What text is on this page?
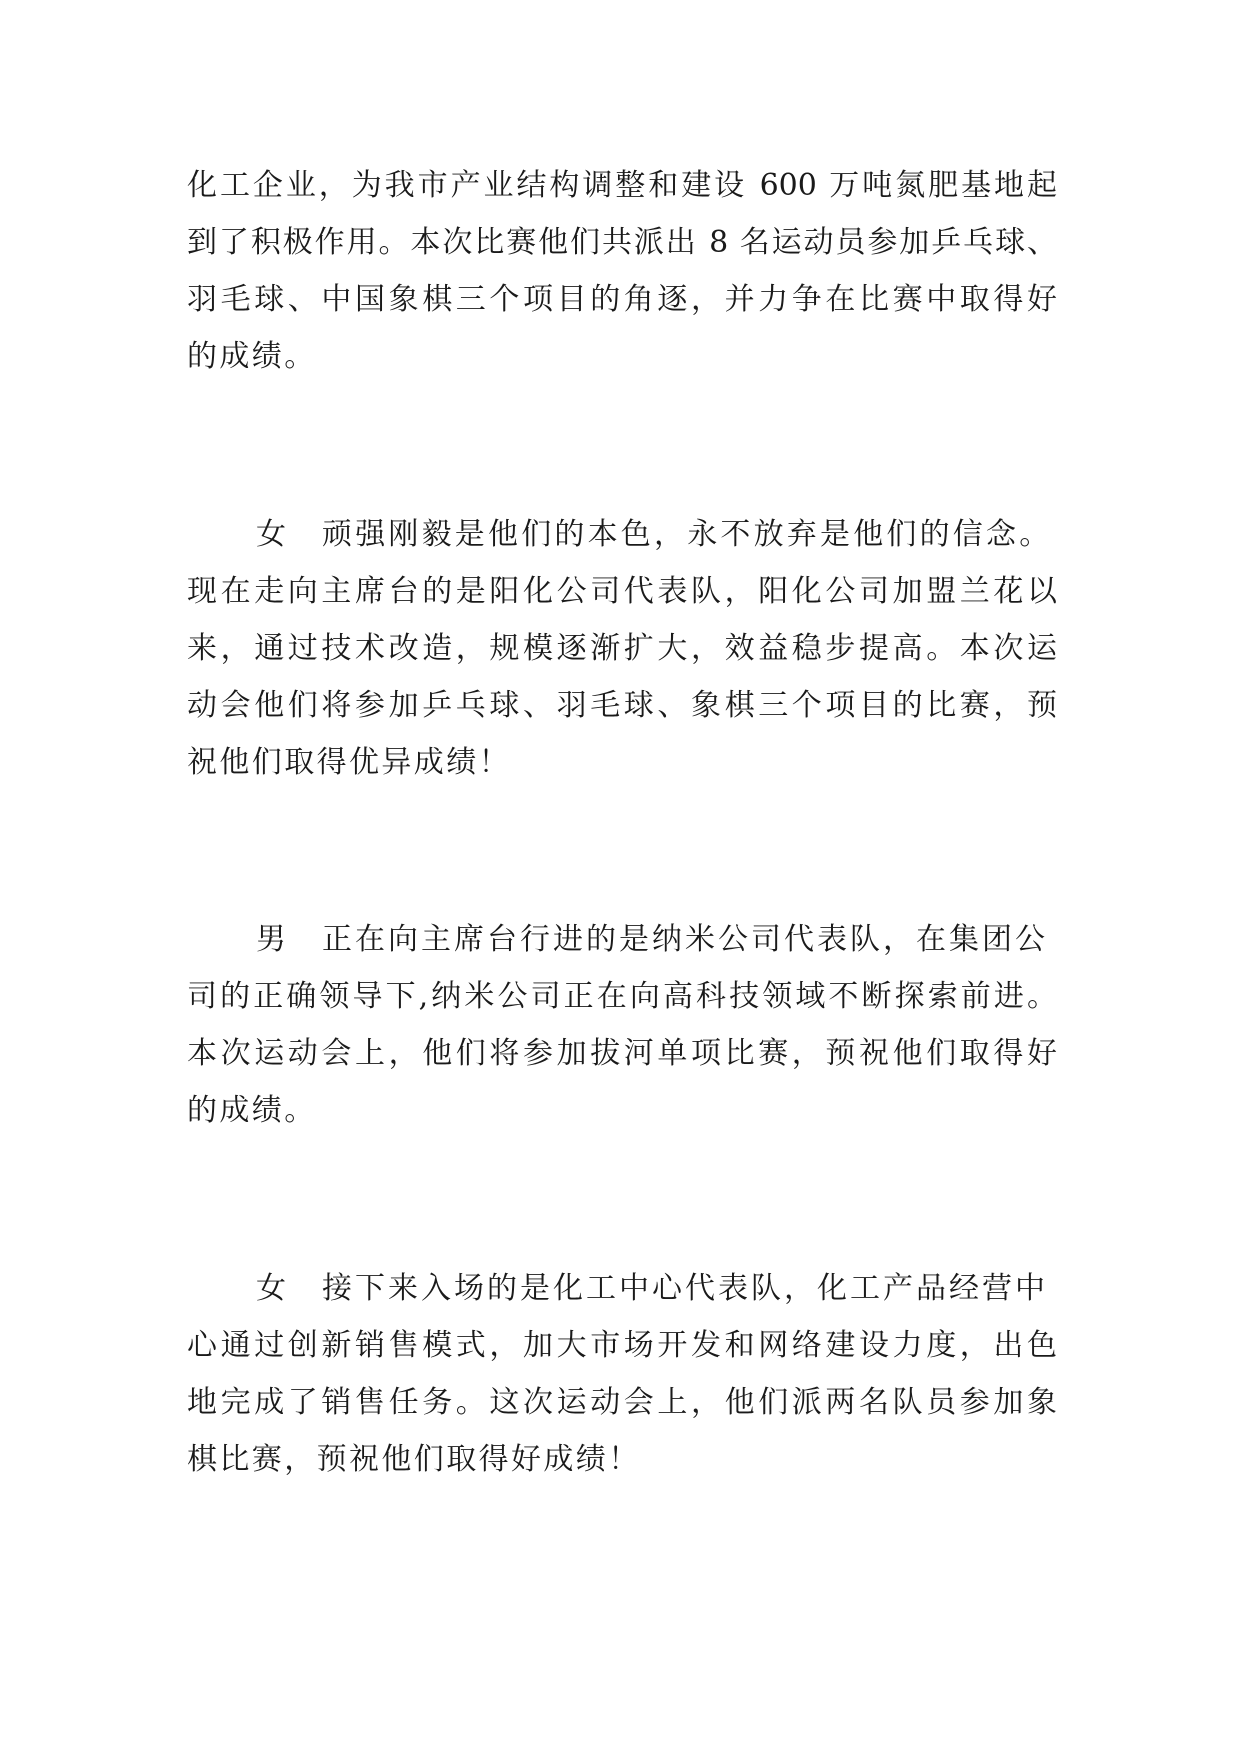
化工企业，为我市产业结构调整和建设 600 万吨氮肥基地起
到了积极作用。本次比赛他们共派出 8 名运动员参加乒乓球、
羽毛球、中国象棋三个项目的角逐，并力争在比赛中取得好
的成绩。
女 顽强刚毅是他们的本色，永不放弃是他们的信念。
现在走向主席台的是阳化公司代表队，阳化公司加盟兰花以
来，通过技术改造，规模逐渐扩大，效益稳步提高。本次运
动会他们将参加乒乓球、羽毛球、象棋三个项目的比赛，预
祝他们取得优异成绩！
男 正在向主席台行进的是纳米公司代表队，在集团公
司的正确领导下,纳米公司正在向高科技领域不断探索前进。
本次运动会上，他们将参加拔河单项比赛，预祝他们取得好
的成绩。
女 接下来入场的是化工中心代表队，化工产品经营中
心通过创新销售模式，加大市场开发和网络建设力度，出色
地完成了销售任务。这次运动会上，他们派两名队员参加象
棋比赛，预祝他们取得好成绩！
